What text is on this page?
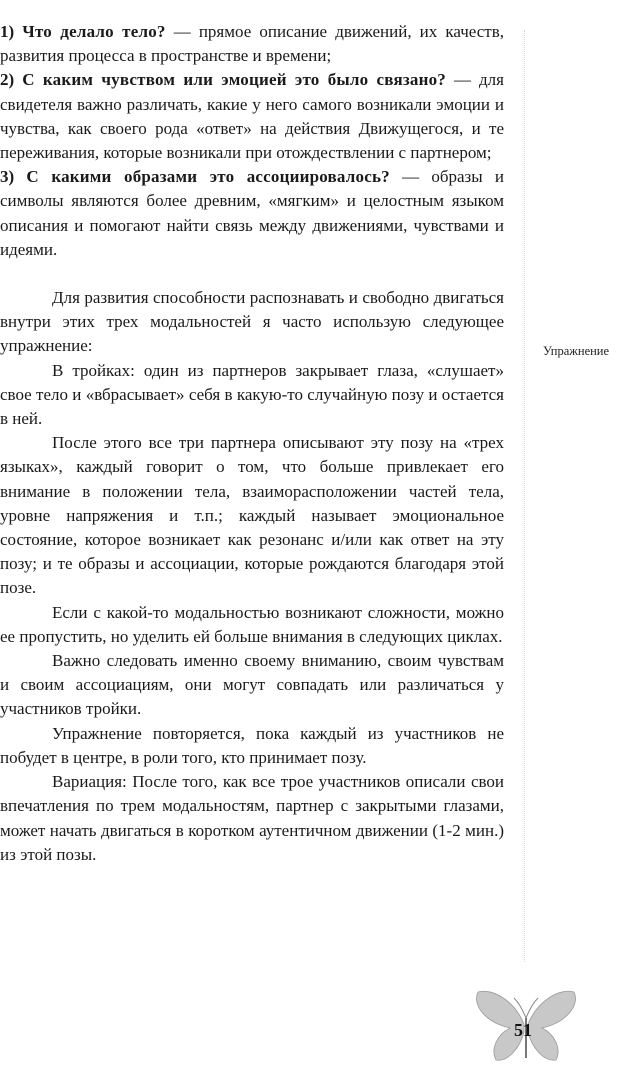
1) Что делало тело? — прямое описание движений, их качеств, развития процесса в пространстве и времени;

2) С каким чувством или эмоцией это было связано? — для свидетеля важно различать, какие у него самого возникали эмоции и чувства, как своего рода «ответ» на действия Движущегося, и те переживания, которые возникали при отождествлении с партнером;

3) С какими образами это ассоциировалось? — образы и символы являются более древним, «мягким» и целостным языком описания и помогают найти связь между движениями, чувствами и идеями.

Для развития способности распознавать и свободно двигаться внутри этих трех модальностей я часто использую следующее упражнение:

В тройках: один из партнеров закрывает глаза, «слушает» свое тело и «вбрасывает» себя в какую-то случайную позу и остается в ней.

После этого все три партнера описывают эту позу на «трех языках», каждый говорит о том, что больше привлекает его внимание в положении тела, взаиморасположении частей тела, уровне напряжения и т.п.; каждый называет эмоциональное состояние, которое возникает как резонанс и/или как ответ на эту позу; и те образы и ассоциации, которые рождаются благодаря этой позе.

Если с какой-то модальностью возникают сложности, можно ее пропустить, но уделить ей больше внимания в следующих циклах.

Важно следовать именно своему вниманию, своим чувствам и своим ассоциациям, они могут совпадать или различаться у участников тройки.

Упражнение повторяется, пока каждый из участников не побудет в центре, в роли того, кто принимает позу.

Вариация: После того, как все трое участников описали свои впечатления по трем модальностям, партнер с закрытыми глазами, может начать двигаться в коротком аутентичном движении (1-2 мин.) из этой позы.

Упражнение
51
